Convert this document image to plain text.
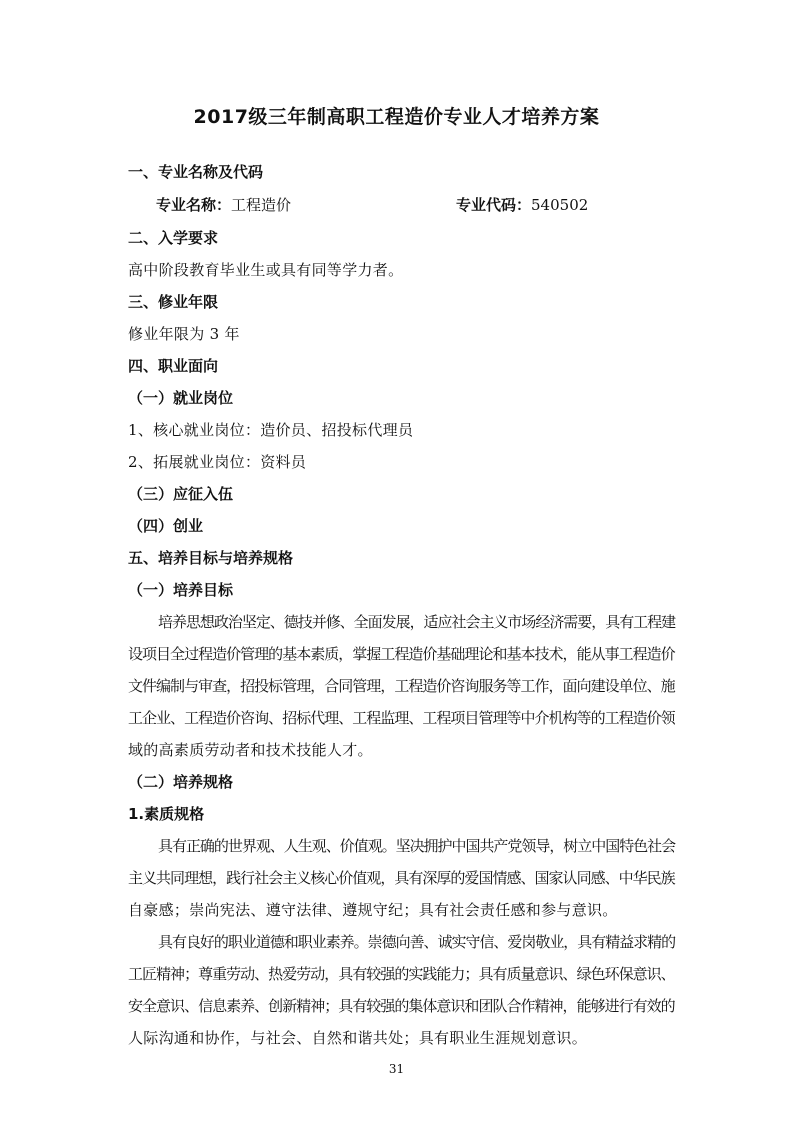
2017级三年制高职工程造价专业人才培养方案
一、专业名称及代码
专业名称：工程造价	专业代码：540502
二、入学要求
高中阶段教育毕业生或具有同等学力者。
三、修业年限
修业年限为 3 年
四、职业面向
（一）就业岗位
1、核心就业岗位：造价员、招投标代理员
2、拓展就业岗位：资料员
（三）应征入伍
（四）创业
五、培养目标与培养规格
（一）培养目标
培养思想政治坚定、德技并修、全面发展，适应社会主义市场经济需要，具有工程建
设项目全过程造价管理的基本素质，掌握工程造价基础理论和基本技术，能从事工程造价
文件编制与审查，招投标管理，合同管理，工程造价咨询服务等工作，面向建设单位、施
工企业、工程造价咨询、招标代理、工程监理、工程项目管理等中介机构等的工程造价领
域的高素质劳动者和技术技能人才。
（二）培养规格
1.素质规格
具有正确的世界观、人生观、价值观。坚决拥护中国共产党领导，树立中国特色社会
主义共同理想，践行社会主义核心价值观，具有深厚的爱国情感、国家认同感、中华民族
自豪感；崇尚宪法、遵守法律、遵规守纪；具有社会责任感和参与意识。
具有良好的职业道德和职业素养。崇德向善、诚实守信、爱岗敬业，具有精益求精的
工匠精神；尊重劳动、热爱劳动，具有较强的实践能力；具有质量意识、绿色环保意识、
安全意识、信息素养、创新精神；具有较强的集体意识和团队合作精神，能够进行有效的
人际沟通和协作，与社会、自然和谐共处；具有职业生涯规划意识。
31
